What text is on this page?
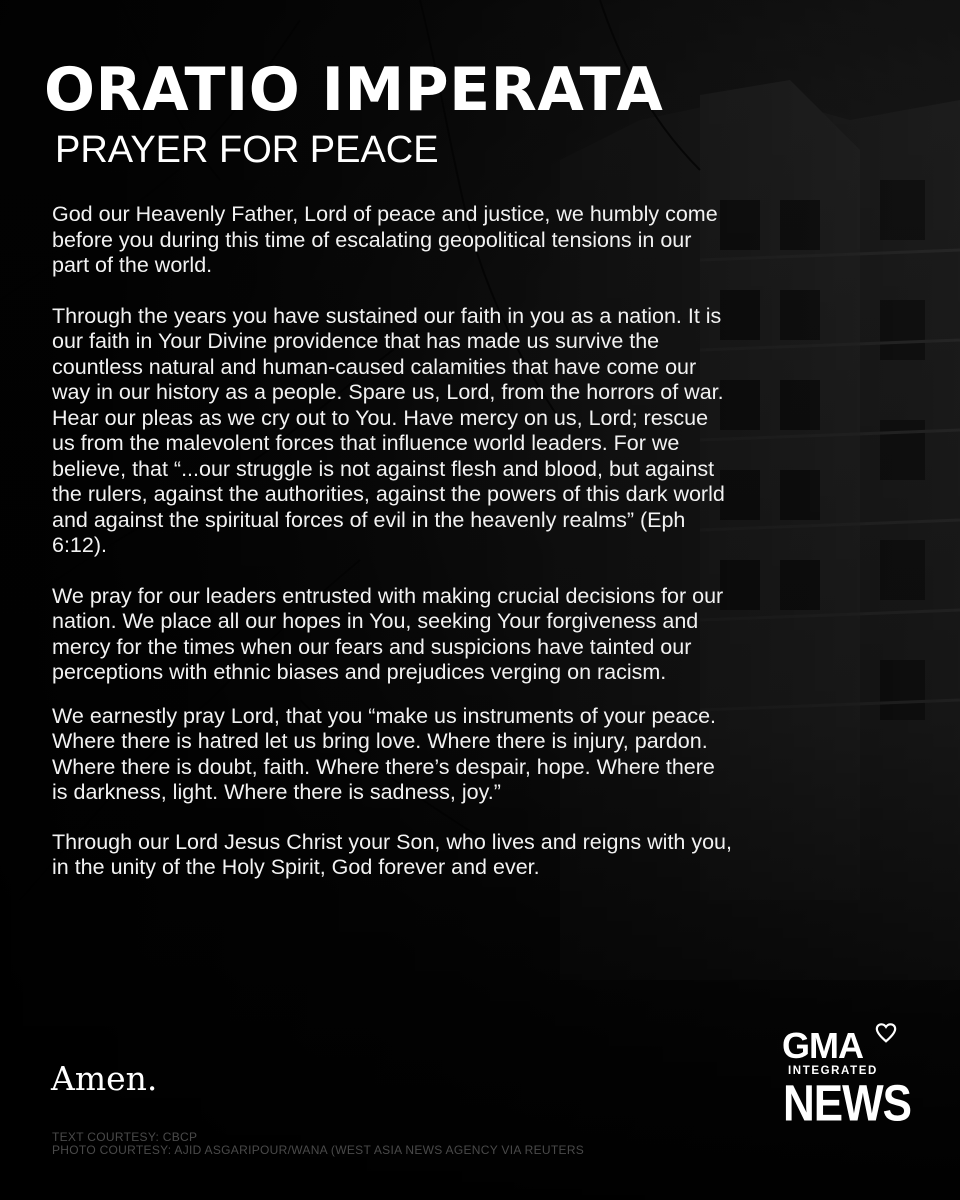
ORATIO IMPERATA
PRAYER FOR PEACE

God our Heavenly Father, Lord of peace and justice, we humbly come before you during this time of escalating geopolitical tensions in our part of the world.

Through the years you have sustained our faith in you as a nation. It is our faith in Your Divine providence that has made us survive the countless natural and human-caused calamities that have come our way in our history as a people. Spare us, Lord, from the horrors of war. Hear our pleas as we cry out to You. Have mercy on us, Lord; rescue us from the malevolent forces that influence world leaders. For we believe, that “...our struggle is not against flesh and blood, but against the rulers, against the authorities, against the powers of this dark world and against the spiritual forces of evil in the heavenly realms” (Eph 6:12).

We pray for our leaders entrusted with making crucial decisions for our nation. We place all our hopes in You, seeking Your forgiveness and mercy for the times when our fears and suspicions have tainted our perceptions with ethnic biases and prejudices verging on racism.

We earnestly pray Lord, that you “make us instruments of your peace. Where there is hatred let us bring love. Where there is injury, pardon. Where there is doubt, faith. Where there’s despair, hope. Where there is darkness, light. Where there is sadness, joy.”

Through our Lord Jesus Christ your Son, who lives and reigns with you, in the unity of the Holy Spirit, God forever and ever.

Amen.

TEXT COURTESY: CBCP
PHOTO COURTESY: AJID ASGARIPOUR/WANA (WEST ASIA NEWS AGENCY VIA REUTERS
GMA
INTEGRATED
NEWS
